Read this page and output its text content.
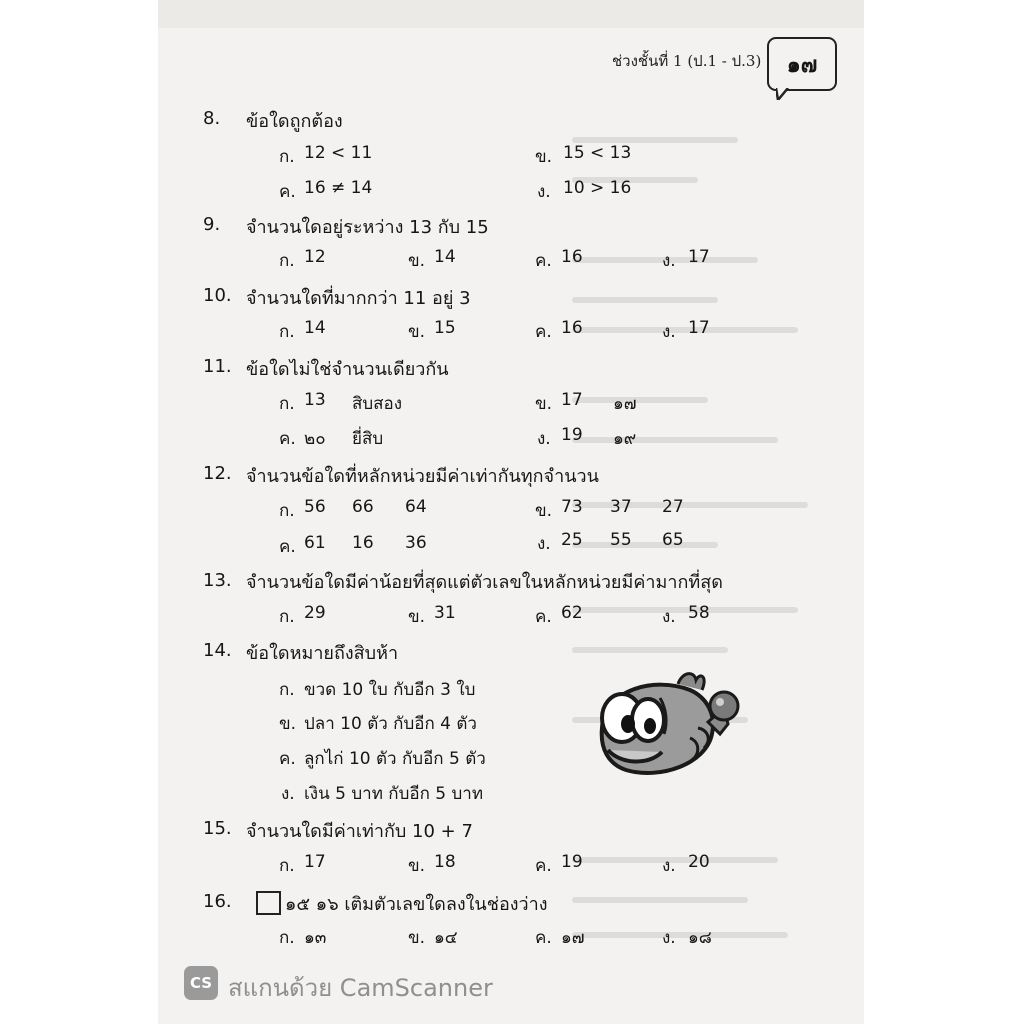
ช่วงชั้นที่ 1 (ป.1 - ป.3) ๑๗
8. ข้อใดถูกต้อง
ก. 12 < 11	ข. 15 < 13
ค. 16 ≠ 14	ง. 10 > 16
9. จำนวนใดอยู่ระหว่าง 13 กับ 15
ก. 12	ข. 14	ค. 16	ง. 17
10. จำนวนใดที่มากกว่า 11 อยู่ 3
ก. 14	ข. 15	ค. 16	ง. 17
11. ข้อใดไม่ใช่จำนวนเดียวกัน
ก. 13 สิบสอง	ข. 17 ๑๗
ค. ๒๐ ยี่สิบ	ง. 19 ๑๙
12. จำนวนข้อใดที่หลักหน่วยมีค่าเท่ากันทุกจำนวน
ก. 56 66 64	ข. 73 37 27
ค. 61 16 36	ง. 25 55 65
13. จำนวนข้อใดมีค่าน้อยที่สุดแต่ตัวเลขในหลักหน่วยมีค่ามากที่สุด
ก. 29	ข. 31	ค. 62	ง. 58
14. ข้อใดหมายถึงสิบห้า
ก. ขวด 10 ใบ กับอีก 3 ใบ
ข. ปลา 10 ตัว กับอีก 4 ตัว
ค. ลูกไก่ 10 ตัว กับอีก 5 ตัว
ง. เงิน 5 บาท กับอีก 5 บาท
15. จำนวนใดมีค่าเท่ากับ 10 + 7
ก. 17	ข. 18	ค. 19	ง. 20
16.	๑๕ ๑๖ เติมตัวเลขใดลงในช่องว่าง
ก. ๑๓	ข. ๑๔	ค. ๑๗	ง. ๑๘
CS สแกนด้วย CamScanner
